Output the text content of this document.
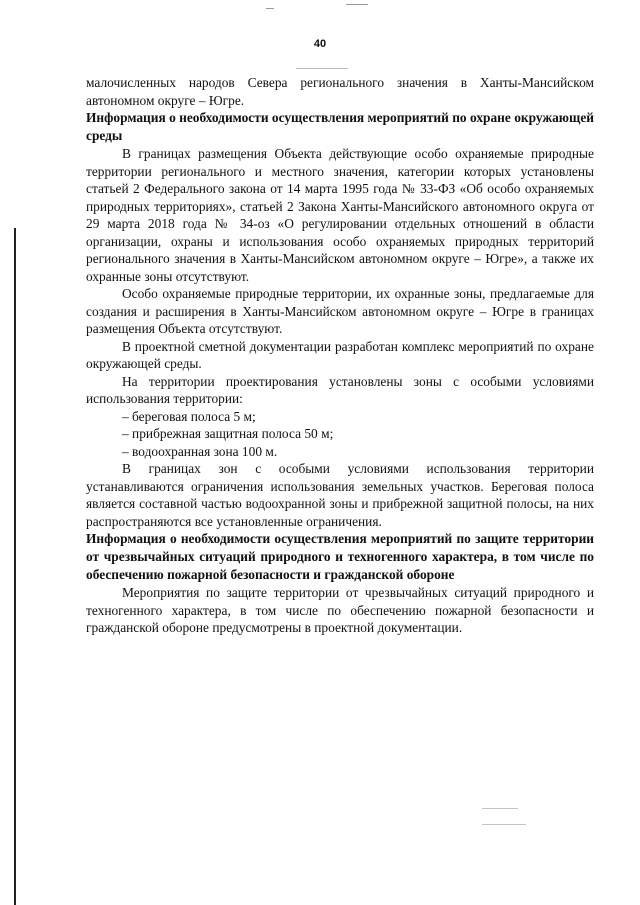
40

малочисленных народов Севера регионального значения в Ханты-Мансийском автономном округе – Югре.

Информация о необходимости осуществления мероприятий по охране окружающей среды

В границах размещения Объекта действующие особо охраняемые природные территории регионального и местного значения, категории которых установлены статьей 2 Федерального закона от 14 марта 1995 года № 33-ФЗ «Об особо охраняемых природных территориях», статьей 2 Закона Ханты-Мансийского автономного округа от 29 марта 2018 года № 34-оз «О регулировании отдельных отношений в области организации, охраны и использования особо охраняемых природных территорий регионального значения в Ханты-Мансийском автономном округе – Югре», а также их охранные зоны отсутствуют.

Особо охраняемые природные территории, их охранные зоны, предлагаемые для создания и расширения в Ханты-Мансийском автономном округе – Югре в границах размещения Объекта отсутствуют.

В проектной сметной документации разработан комплекс мероприятий по охране окружающей среды.

На территории проектирования установлены зоны с особыми условиями использования территории:

– береговая полоса 5 м;

– прибрежная защитная полоса 50 м;

– водоохранная зона 100 м.

В границах зон с особыми условиями использования территории устанавливаются ограничения использования земельных участков. Береговая полоса является составной частью водоохранной зоны и прибрежной защитной полосы, на них распространяются все установленные ограничения.

Информация о необходимости осуществления мероприятий по защите территории от чрезвычайных ситуаций природного и техногенного характера, в том числе по обеспечению пожарной безопасности и гражданской обороне

Мероприятия по защите территории от чрезвычайных ситуаций природного и техногенного характера, в том числе по обеспечению пожарной безопасности и гражданской обороне предусмотрены в проектной документации.
